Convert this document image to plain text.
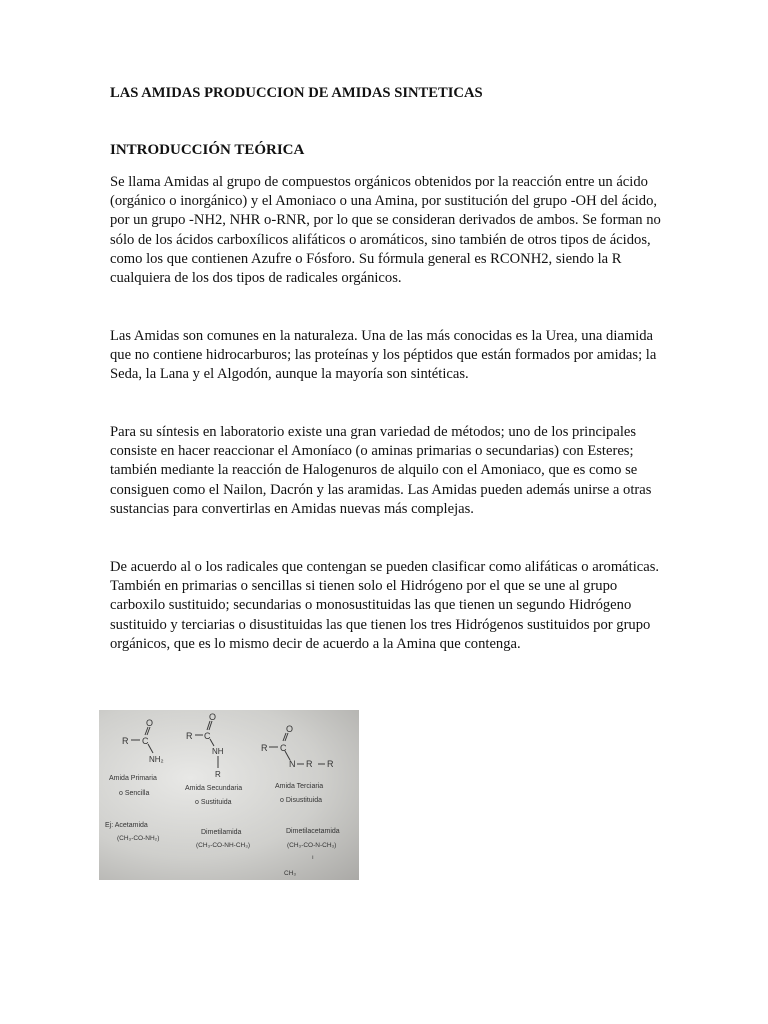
LAS AMIDAS PRODUCCION DE AMIDAS SINTETICAS
INTRODUCCIÓN TEÓRICA

Se llama Amidas al grupo de compuestos orgánicos obtenidos por la reacción entre un ácido (orgánico o inorgánico) y el Amoniaco o una Amina, por sustitución del grupo -OH del ácido, por un grupo -NH2, NHR o-RNR, por lo que se consideran derivados de ambos. Se forman no sólo de los ácidos carboxílicos alifáticos o aromáticos, sino también de otros tipos de ácidos, como los que contienen Azufre o Fósforo. Su fórmula general es RCONH2, siendo la R cualquiera de los dos tipos de radicales orgánicos.

Las Amidas son comunes en la naturaleza. Una de las más conocidas es la Urea, una diamida que no contiene hidrocarburos; las proteínas y los péptidos que están formados por amidas; la Seda, la Lana y el Algodón, aunque la mayoría son sintéticas.

Para su síntesis en laboratorio existe una gran variedad de métodos; uno de los principales consiste en hacer reaccionar el Amoníaco (o aminas primarias o secundarias) con Esteres; también mediante la reacción de Halogenuros de alquilo con el Amoniaco, que es como se consiguen como el Nailon, Dacrón y las aramidas. Las Amidas pueden además unirse a otras sustancias para convertirlas en Amidas nuevas más complejas.

De acuerdo al o los radicales que contengan se pueden clasificar como alifáticas o aromáticas. También en primarias o sencillas si tienen solo el Hidrógeno por el que se une al grupo carboxilo sustituido; secundarias o monosustituidas las que tienen un segundo Hidrógeno sustituido y terciarias o disustituidas las que tienen los tres Hidrógenos sustituidos por grupo orgánicos, que es lo mismo decir de acuerdo a la Amina que contenga.

R C
O
NH₂
Amida Primaria
o Sencilla
Ej: Acetamida
(CH₃-CO-NH₂)
R C
O
NH
R
Amida Secundaria
o Sustituida
Dimetilamida
(CH₃-CO-NH-CH₃)
R C
O
N R R
Amida Terciaria
o Disustituida
Dimetilacetamida
(CH₃-CO-N-CH₃)
ı
CH₃
